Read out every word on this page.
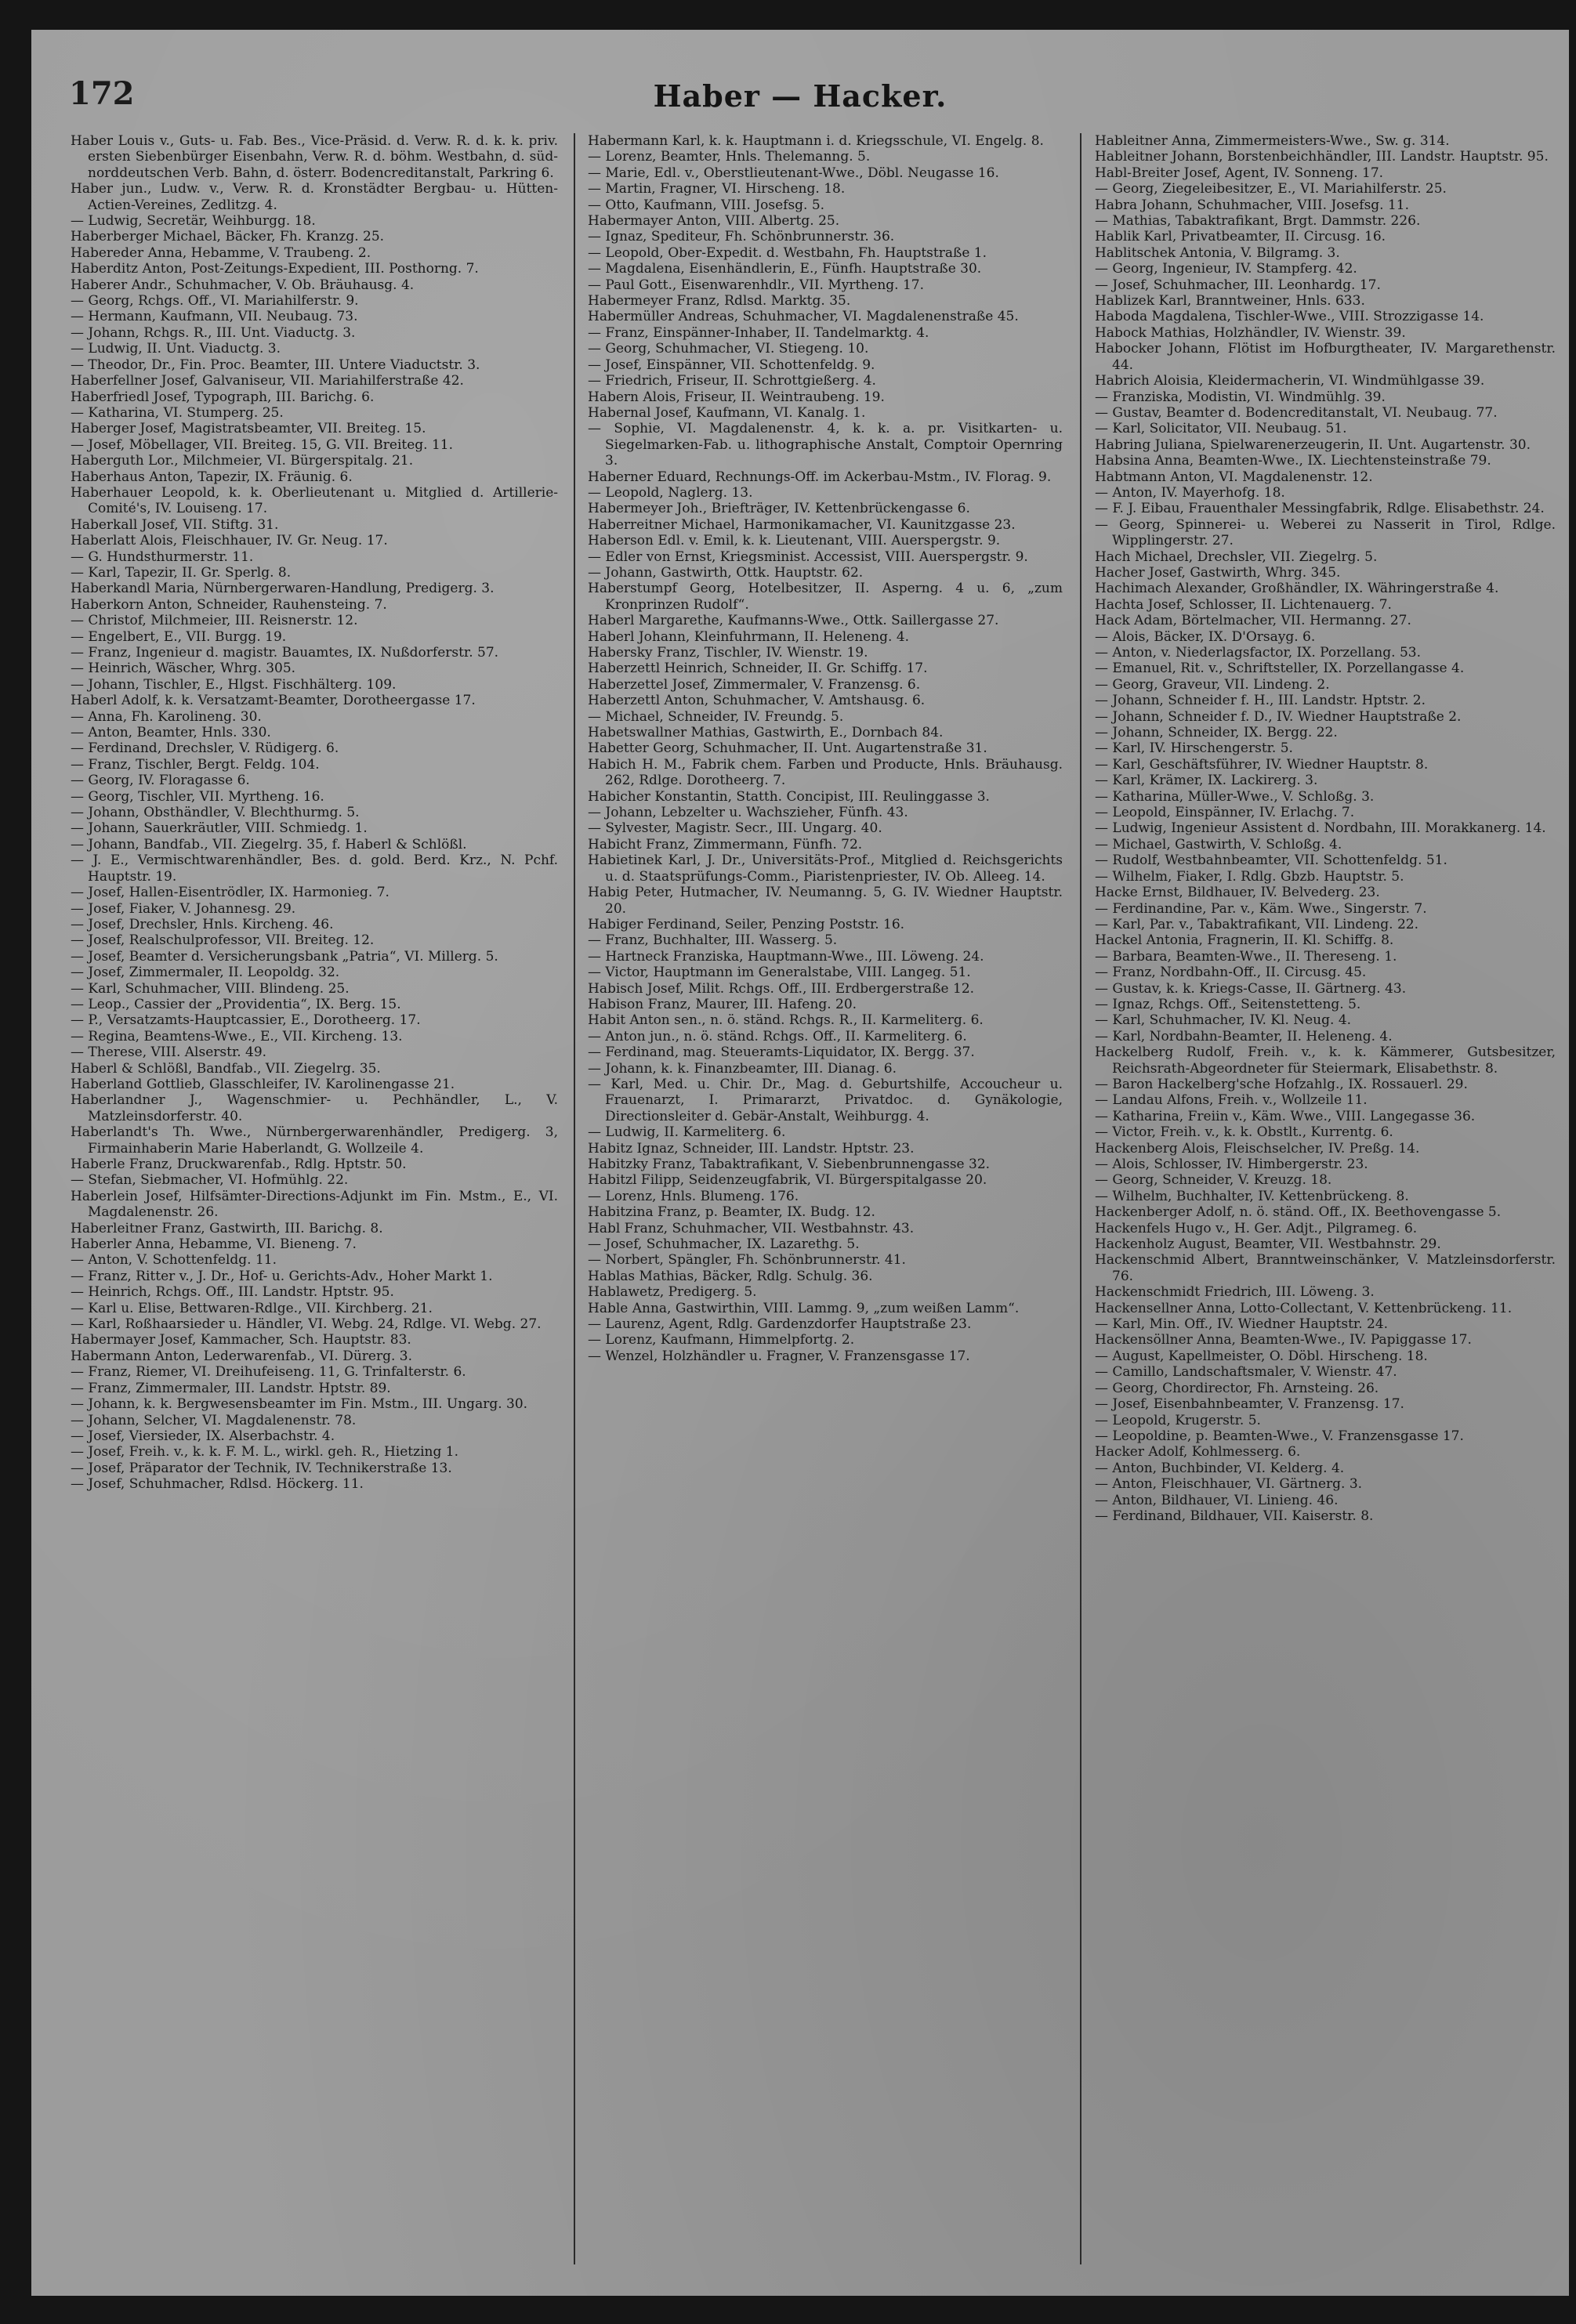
172	Haber — Hacker.

Haber Louis v., Guts- u. Fab. Bes., Vice-Präsid. d. Verw. R. d. k. k. priv. ersten Siebenbürger Eisenbahn, Verw. R. d. böhm. Westbahn, d. süd-norddeutschen Verb. Bahn, d. österr. Bodencreditanstalt, Parkring 6.

Haber jun., Ludw. v., Verw. R. d. Kronstädter Bergbau- u. Hütten-Actien-Vereines, Zedlitzg. 4.

— Ludwig, Secretär, Weihburgg. 18.

Haberberger Michael, Bäcker, Fh. Kranzg. 25.

Habereder Anna, Hebamme, V. Traubeng. 2.

Haberditz Anton, Post-Zeitungs-Expedient, III. Posthorng. 7.

Haberer Andr., Schuhmacher, V. Ob. Bräuhausg. 4.

— Georg, Rchgs. Off., VI. Mariahilferstr. 9.

— Hermann, Kaufmann, VII. Neubaug. 73.

— Johann, Rchgs. R., III. Unt. Viaductg. 3.

— Ludwig, II. Unt. Viaductg. 3.

— Theodor, Dr., Fin. Proc. Beamter, III. Untere Viaductstr. 3.

Haberfellner Josef, Galvaniseur, VII. Mariahilferstraße 42.

Haberfriedl Josef, Typograph, III. Barichg. 6.

— Katharina, VI. Stumperg. 25.

Haberger Josef, Magistratsbeamter, VII. Breiteg. 15.

— Josef, Möbellager, VII. Breiteg. 15, G. VII. Breiteg. 11.

Haberguth Lor., Milchmeier, VI. Bürgerspitalg. 21.

Haberhaus Anton, Tapezir, IX. Fräunig. 6.

Haberhauer Leopold, k. k. Oberlieutenant u. Mitglied d. Artillerie-Comité's, IV. Louiseng. 17.

Haberkall Josef, VII. Stiftg. 31.

Haberlatt Alois, Fleischhauer, IV. Gr. Neug. 17.

— G. Hundsthurmerstr. 11.

— Karl, Tapezir, II. Gr. Sperlg. 8.

Haberkandl Maria, Nürnbergerwaren-Handlung, Predigerg. 3.

Haberkorn Anton, Schneider, Rauhensteing. 7.

— Christof, Milchmeier, III. Reisnerstr. 12.

— Engelbert, E., VII. Burgg. 19.

— Franz, Ingenieur d. magistr. Bauamtes, IX. Nußdorferstr. 57.

— Heinrich, Wäscher, Whrg. 305.

— Johann, Tischler, E., Hlgst. Fischhälterg. 109.

Haberl Adolf, k. k. Versatzamt-Beamter, Dorotheergasse 17.

— Anna, Fh. Karolineng. 30.

— Anton, Beamter, Hnls. 330.

— Ferdinand, Drechsler, V. Rüdigerg. 6.

— Franz, Tischler, Bergt. Feldg. 104.

— Georg, IV. Floragasse 6.

— Georg, Tischler, VII. Myrtheng. 16.

— Johann, Obsthändler, V. Blechthurmg. 5.

— Johann, Sauerkräutler, VIII. Schmiedg. 1.

— Johann, Bandfab., VII. Ziegelrg. 35, f. Haberl & Schlößl.

— J. E., Vermischtwarenhändler, Bes. d. gold. Berd. Krz., N. Pchf. Hauptstr. 19.

— Josef, Hallen-Eisentrödler, IX. Harmonieg. 7.

— Josef, Fiaker, V. Johannesg. 29.

— Josef, Drechsler, Hnls. Kircheng. 46.

— Josef, Realschulprofessor, VII. Breiteg. 12.

— Josef, Beamter d. Versicherungsbank „Patria“, VI. Millerg. 5.

— Josef, Zimmermaler, II. Leopoldg. 32.

— Karl, Schuhmacher, VIII. Blindeng. 25.

— Leop., Cassier der „Providentia“, IX. Berg. 15.

— P., Versatzamts-Hauptcassier, E., Dorotheerg. 17.

— Regina, Beamtens-Wwe., E., VII. Kircheng. 13.

— Therese, VIII. Alserstr. 49.

Haberl & Schlößl, Bandfab., VII. Ziegelrg. 35.

Haberland Gottlieb, Glasschleifer, IV. Karolinengasse 21.

Haberlandner J., Wagenschmier- u. Pechhändler, L., V. Matzleinsdorferstr. 40.

Haberlandt's Th. Wwe., Nürnbergerwarenhändler, Predigerg. 3, Firmainhaberin Marie Haberlandt, G. Wollzeile 4.

Haberle Franz, Druckwarenfab., Rdlg. Hptstr. 50.

— Stefan, Siebmacher, VI. Hofmühlg. 22.

Haberlein Josef, Hilfsämter-Directions-Adjunkt im Fin. Mstm., E., VI. Magdalenenstr. 26.

Haberleitner Franz, Gastwirth, III. Barichg. 8.

Haberler Anna, Hebamme, VI. Bieneng. 7.

— Anton, V. Schottenfeldg. 11.

— Franz, Ritter v., J. Dr., Hof- u. Gerichts-Adv., Hoher Markt 1.

— Heinrich, Rchgs. Off., III. Landstr. Hptstr. 95.

— Karl u. Elise, Bettwaren-Rdlge., VII. Kirchberg. 21.

— Karl, Roßhaarsieder u. Händler, VI. Webg. 24, Rdlge. VI. Webg. 27.

Habermayer Josef, Kammacher, Sch. Hauptstr. 83.

Habermann Anton, Lederwarenfab., VI. Dürerg. 3.

— Franz, Riemer, VI. Dreihufeiseng. 11, G. Trinfalterstr. 6.

— Franz, Zimmermaler, III. Landstr. Hptstr. 89.

— Johann, k. k. Bergwesensbeamter im Fin. Mstm., III. Ungarg. 30.

— Johann, Selcher, VI. Magdalenenstr. 78.

— Josef, Viersieder, IX. Alserbachstr. 4.

— Josef, Freih. v., k. k. F. M. L., wirkl. geh. R., Hietzing 1.

— Josef, Präparator der Technik, IV. Technikerstraße 13.

— Josef, Schuhmacher, Rdlsd. Höckerg. 11.

Habermann Karl, k. k. Hauptmann i. d. Kriegsschule, VI. Engelg. 8.

— Lorenz, Beamter, Hnls. Thelemanng. 5.

— Marie, Edl. v., Oberstlieutenant-Wwe., Döbl. Neugasse 16.

— Martin, Fragner, VI. Hirscheng. 18.

— Otto, Kaufmann, VIII. Josefsg. 5.

Habermayer Anton, VIII. Albertg. 25.

— Ignaz, Spediteur, Fh. Schönbrunnerstr. 36.

— Leopold, Ober-Expedit. d. Westbahn, Fh. Hauptstraße 1.

— Magdalena, Eisenhändlerin, E., Fünfh. Hauptstraße 30.

— Paul Gott., Eisenwarenhdlr., VII. Myrtheng. 17.

Habermeyer Franz, Rdlsd. Marktg. 35.

Habermüller Andreas, Schuhmacher, VI. Magdalenenstraße 45.

— Franz, Einspänner-Inhaber, II. Tandelmarktg. 4.

— Georg, Schuhmacher, VI. Stiegeng. 10.

— Josef, Einspänner, VII. Schottenfeldg. 9.

— Friedrich, Friseur, II. Schrottgießerg. 4.

Habern Alois, Friseur, II. Weintraubeng. 19.

Habernal Josef, Kaufmann, VI. Kanalg. 1.

— Sophie, VI. Magdalenenstr. 4, k. k. a. pr. Visitkarten- u. Siegelmarken-Fab. u. lithographische Anstalt, Comptoir Opernring 3.

Haberner Eduard, Rechnungs-Off. im Ackerbau-Mstm., IV. Florag. 9.

— Leopold, Naglerg. 13.

Habermeyer Joh., Briefträger, IV. Kettenbrückengasse 6.

Haberreitner Michael, Harmonikamacher, VI. Kaunitzgasse 23.

Haberson Edl. v. Emil, k. k. Lieutenant, VIII. Auerspergstr. 9.

— Edler von Ernst, Kriegsminist. Accessist, VIII. Auerspergstr. 9.

— Johann, Gastwirth, Ottk. Hauptstr. 62.

Haberstumpf Georg, Hotelbesitzer, II. Asperng. 4 u. 6, „zum Kronprinzen Rudolf“.

Haberl Margarethe, Kaufmanns-Wwe., Ottk. Saillergasse 27.

Haberl Johann, Kleinfuhrmann, II. Heleneng. 4.

Habersky Franz, Tischler, IV. Wienstr. 19.

Haberzettl Heinrich, Schneider, II. Gr. Schiffg. 17.

Haberzettel Josef, Zimmermaler, V. Franzensg. 6.

Haberzettl Anton, Schuhmacher, V. Amtshausg. 6.

— Michael, Schneider, IV. Freundg. 5.

Habetswallner Mathias, Gastwirth, E., Dornbach 84.

Habetter Georg, Schuhmacher, II. Unt. Augartenstraße 31.

Habich H. M., Fabrik chem. Farben und Producte, Hnls. Bräuhausg. 262, Rdlge. Dorotheerg. 7.

Habicher Konstantin, Statth. Concipist, III. Reulinggasse 3.

— Johann, Lebzelter u. Wachszieher, Fünfh. 43.

— Sylvester, Magistr. Secr., III. Ungarg. 40.

Habicht Franz, Zimmermann, Fünfh. 72.

Habietinek Karl, J. Dr., Universitäts-Prof., Mitglied d. Reichsgerichts u. d. Staatsprüfungs-Comm., Piaristenpriester, IV. Ob. Alleeg. 14.

Habig Peter, Hutmacher, IV. Neumanng. 5, G. IV. Wiedner Hauptstr. 20.

Habiger Ferdinand, Seiler, Penzing Poststr. 16.

— Franz, Buchhalter, III. Wasserg. 5.

— Hartneck Franziska, Hauptmann-Wwe., III. Löweng. 24.

— Victor, Hauptmann im Generalstabe, VIII. Langeg. 51.

Habisch Josef, Milit. Rchgs. Off., III. Erdbergerstraße 12.

Habison Franz, Maurer, III. Hafeng. 20.

Habit Anton sen., n. ö. ständ. Rchgs. R., II. Karmeliterg. 6.

— Anton jun., n. ö. ständ. Rchgs. Off., II. Karmeliterg. 6.

— Ferdinand, mag. Steueramts-Liquidator, IX. Bergg. 37.

— Johann, k. k. Finanzbeamter, III. Dianag. 6.

— Karl, Med. u. Chir. Dr., Mag. d. Geburtshilfe, Accoucheur u. Frauenarzt, I. Primararzt, Privatdoc. d. Gynäkologie, Directionsleiter d. Gebär-Anstalt, Weihburgg. 4.

— Ludwig, II. Karmeliterg. 6.

Habitz Ignaz, Schneider, III. Landstr. Hptstr. 23.

Habitzky Franz, Tabaktrafikant, V. Siebenbrunnengasse 32.

Habitzl Filipp, Seidenzeugfabrik, VI. Bürgerspitalgasse 20.

— Lorenz, Hnls. Blumeng. 176.

Habitzina Franz, p. Beamter, IX. Budg. 12.

Habl Franz, Schuhmacher, VII. Westbahnstr. 43.

— Josef, Schuhmacher, IX. Lazarethg. 5.

— Norbert, Spängler, Fh. Schönbrunnerstr. 41.

Hablas Mathias, Bäcker, Rdlg. Schulg. 36.

Hablawetz, Predigerg. 5.

Hable Anna, Gastwirthin, VIII. Lammg. 9, „zum weißen Lamm“.

— Laurenz, Agent, Rdlg. Gardenzdorfer Hauptstraße 23.

— Lorenz, Kaufmann, Himmelpfortg. 2.

— Wenzel, Holzhändler u. Fragner, V. Franzensgasse 17.

Hableitner Anna, Zimmermeisters-Wwe., Sw. g. 314.

Hableitner Johann, Borstenbeichhändler, III. Landstr. Hauptstr. 95.

Habl-Breiter Josef, Agent, IV. Sonneng. 17.

— Georg, Ziegeleibesitzer, E., VI. Mariahilferstr. 25.

Habra Johann, Schuhmacher, VIII. Josefsg. 11.

— Mathias, Tabaktrafikant, Brgt. Dammstr. 226.

Hablik Karl, Privatbeamter, II. Circusg. 16.

Hablitschek Antonia, V. Bilgramg. 3.

— Georg, Ingenieur, IV. Stampferg. 42.

— Josef, Schuhmacher, III. Leonhardg. 17.

Hablizek Karl, Branntweiner, Hnls. 633.

Haboda Magdalena, Tischler-Wwe., VIII. Strozzigasse 14.

Habock Mathias, Holzhändler, IV. Wienstr. 39.

Habocker Johann, Flötist im Hofburgtheater, IV. Margarethenstr. 44.

Habrich Aloisia, Kleidermacherin, VI. Windmühlgasse 39.

— Franziska, Modistin, VI. Windmühlg. 39.

— Gustav, Beamter d. Bodencreditanstalt, VI. Neubaug. 77.

— Karl, Solicitator, VII. Neubaug. 51.

Habring Juliana, Spielwarenerzeugerin, II. Unt. Augartenstr. 30.

Habsina Anna, Beamten-Wwe., IX. Liechtensteinstraße 79.

Habtmann Anton, VI. Magdalenenstr. 12.

— Anton, IV. Mayerhofg. 18.

— F. J. Eibau, Frauenthaler Messingfabrik, Rdlge. Elisabethstr. 24.

— Georg, Spinnerei- u. Weberei zu Nasserit in Tirol, Rdlge. Wipplingerstr. 27.

Hach Michael, Drechsler, VII. Ziegelrg. 5.

Hacher Josef, Gastwirth, Whrg. 345.

Hachimach Alexander, Großhändler, IX. Währingerstraße 4.

Hachta Josef, Schlosser, II. Lichtenauerg. 7.

Hack Adam, Börtelmacher, VII. Hermanng. 27.

— Alois, Bäcker, IX. D'Orsayg. 6.

— Anton, v. Niederlagsfactor, IX. Porzellang. 53.

— Emanuel, Rit. v., Schriftsteller, IX. Porzellangasse 4.

— Georg, Graveur, VII. Lindeng. 2.

— Johann, Schneider f. H., III. Landstr. Hptstr. 2.

— Johann, Schneider f. D., IV. Wiedner Hauptstraße 2.

— Johann, Schneider, IX. Bergg. 22.

— Karl, IV. Hirschengerstr. 5.

— Karl, Geschäftsführer, IV. Wiedner Hauptstr. 8.

— Karl, Krämer, IX. Lackirerg. 3.

— Katharina, Müller-Wwe., V. Schloßg. 3.

— Leopold, Einspänner, IV. Erlachg. 7.

— Ludwig, Ingenieur Assistent d. Nordbahn, III. Morakkanerg. 14.

— Michael, Gastwirth, V. Schloßg. 4.

— Rudolf, Westbahnbeamter, VII. Schottenfeldg. 51.

— Wilhelm, Fiaker, I. Rdlg. Gbzb. Hauptstr. 5.

Hacke Ernst, Bildhauer, IV. Belvederg. 23.

— Ferdinandine, Par. v., Käm. Wwe., Singerstr. 7.

— Karl, Par. v., Tabaktrafikant, VII. Lindeng. 22.

Hackel Antonia, Fragnerin, II. Kl. Schiffg. 8.

— Barbara, Beamten-Wwe., II. Thereseng. 1.

— Franz, Nordbahn-Off., II. Circusg. 45.

— Gustav, k. k. Kriegs-Casse, II. Gärtnerg. 43.

— Ignaz, Rchgs. Off., Seitenstetteng. 5.

— Karl, Schuhmacher, IV. Kl. Neug. 4.

— Karl, Nordbahn-Beamter, II. Heleneng. 4.

Hackelberg Rudolf, Freih. v., k. k. Kämmerer, Gutsbesitzer, Reichsrath-Abgeordneter für Steiermark, Elisabethstr. 8.

— Baron Hackelberg'sche Hofzahlg., IX. Rossauerl. 29.

— Landau Alfons, Freih. v., Wollzeile 11.

— Katharina, Freiin v., Käm. Wwe., VIII. Langegasse 36.

— Victor, Freih. v., k. k. Obstlt., Kurrentg. 6.

Hackenberg Alois, Fleischselcher, IV. Preßg. 14.

— Alois, Schlosser, IV. Himbergerstr. 23.

— Georg, Schneider, V. Kreuzg. 18.

— Wilhelm, Buchhalter, IV. Kettenbrückeng. 8.

Hackenberger Adolf, n. ö. ständ. Off., IX. Beethovengasse 5.

Hackenfels Hugo v., H. Ger. Adjt., Pilgrameg. 6.

Hackenholz August, Beamter, VII. Westbahnstr. 29.

Hackenschmid Albert, Branntweinschänker, V. Matzleinsdorferstr. 76.

Hackenschmidt Friedrich, III. Löweng. 3.

Hackensellner Anna, Lotto-Collectant, V. Kettenbrückeng. 11.

— Karl, Min. Off., IV. Wiedner Hauptstr. 24.

Hackensöllner Anna, Beamten-Wwe., IV. Papiggasse 17.

— August, Kapellmeister, O. Döbl. Hirscheng. 18.

— Camillo, Landschaftsmaler, V. Wienstr. 47.

— Georg, Chordirector, Fh. Arnsteing. 26.

— Josef, Eisenbahnbeamter, V. Franzensg. 17.

— Leopold, Krugerstr. 5.

— Leopoldine, p. Beamten-Wwe., V. Franzensgasse 17.

Hacker Adolf, Kohlmesserg. 6.

— Anton, Buchbinder, VI. Kelderg. 4.

— Anton, Fleischhauer, VI. Gärtnerg. 3.

— Anton, Bildhauer, VI. Linieng. 46.

— Ferdinand, Bildhauer, VII. Kaiserstr. 8.
